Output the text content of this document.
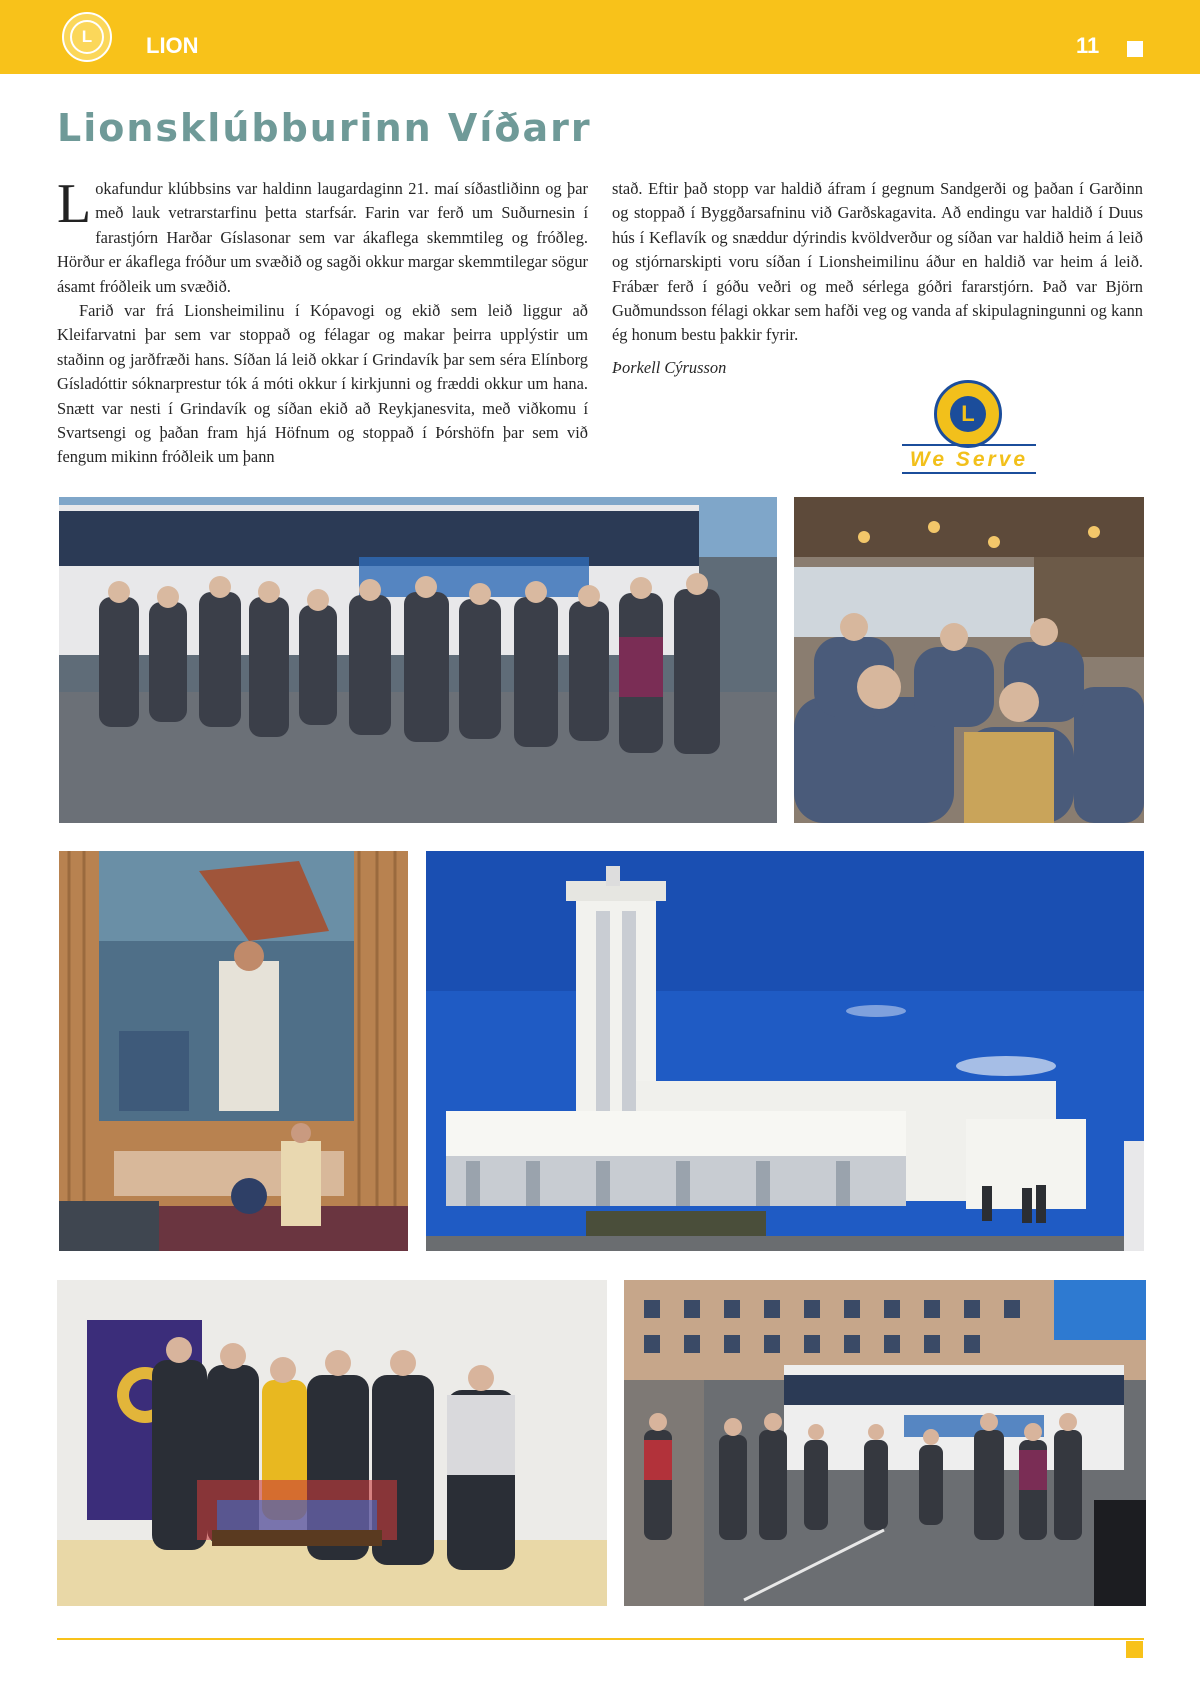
L	LION	11
Lionsklúbburinn Víðarr

Lokafundur klúbbsins var haldinn laugardaginn 21. maí síðastliðinn og þar með lauk vetrarstarfinu þetta starfsár. Farin var ferð um Suðurnesin í farastjórn Harðar Gíslasonar sem var ákaflega skemmtileg og fróðleg. Hörður er ákaflega fróður um svæðið og sagði okkur margar skemmtilegar sögur ásamt fróðleik um svæðið.

Farið var frá Lionsheimilinu í Kópavogi og ekið sem leið liggur að Kleifarvatni þar sem var stoppað og félagar og makar þeirra upplýstir um staðinn og jarðfræði hans. Síðan lá leið okkar í Grindavík þar sem séra Elínborg Gísladóttir sóknarprestur tók á móti okkur í kirkjunni og fræddi okkur um hana. Snætt var nesti í Grindavík og síðan ekið að Reykjanesvita, með viðkomu í Svartsengi og þaðan fram hjá Höfnum og stoppað í Þórshöfn þar sem við fengum mikinn fróðleik um þann

stað. Eftir það stopp var haldið áfram í gegnum Sandgerði og þaðan í Garðinn og stoppað í Byggðarsafninu við Garðskagavita. Að endingu var haldið í Duus hús í Keflavík og snæddur dýrindis kvöldverður og síðan var haldið heim á leið og stjórnarskipti voru síðan í Lionsheimilinu áður en haldið var heim á leið. Frábær ferð í góðu veðri og með sérlega góðri fararstjórn. Það var Björn Guðmundsson félagi okkar sem hafði veg og vanda af skipulagningunni og kann ég honum bestu þakkir fyrir.

Þorkell Cýrusson

L
We Serve
